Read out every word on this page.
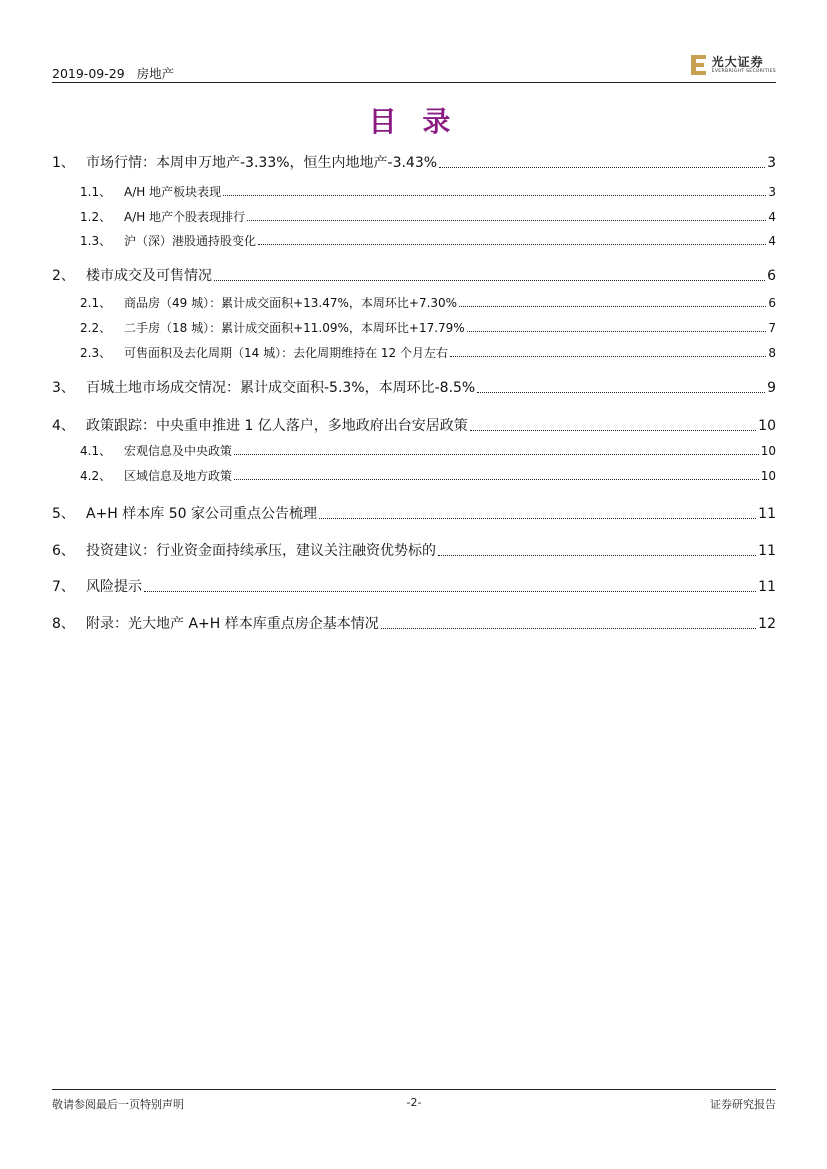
2019-09-29 房地产
光大证券
EVERBRIGHT SECURITIES
目 录
1、 市场行情：本周申万地产-3.33%，恒生内地地产-3.43%	3
1.1、	A/H 地产板块表现	3
1.2、	A/H 地产个股表现排行	4
1.3、	沪（深）港股通持股变化	4
2、 楼市成交及可售情况	6
2.1、	商品房（49 城）：累计成交面积+13.47%，本周环比+7.30%	6
2.2、	二手房（18 城）：累计成交面积+11.09%，本周环比+17.79%	7
2.3、	可售面积及去化周期（14 城）：去化周期维持在 12 个月左右	8
3、 百城土地市场成交情况：累计成交面积-5.3%，本周环比-8.5%	9
4、 政策跟踪：中央重申推进 1 亿人落户，多地政府出台安居政策	10
4.1、	宏观信息及中央政策	10
4.2、	区域信息及地方政策	10
5、 A+H 样本库 50 家公司重点公告梳理	11
6、 投资建议：行业资金面持续承压，建议关注融资优势标的	11
7、 风险提示	11
8、 附录：光大地产 A+H 样本库重点房企基本情况	12
敬请参阅最后一页特别声明	-2-	证券研究报告
